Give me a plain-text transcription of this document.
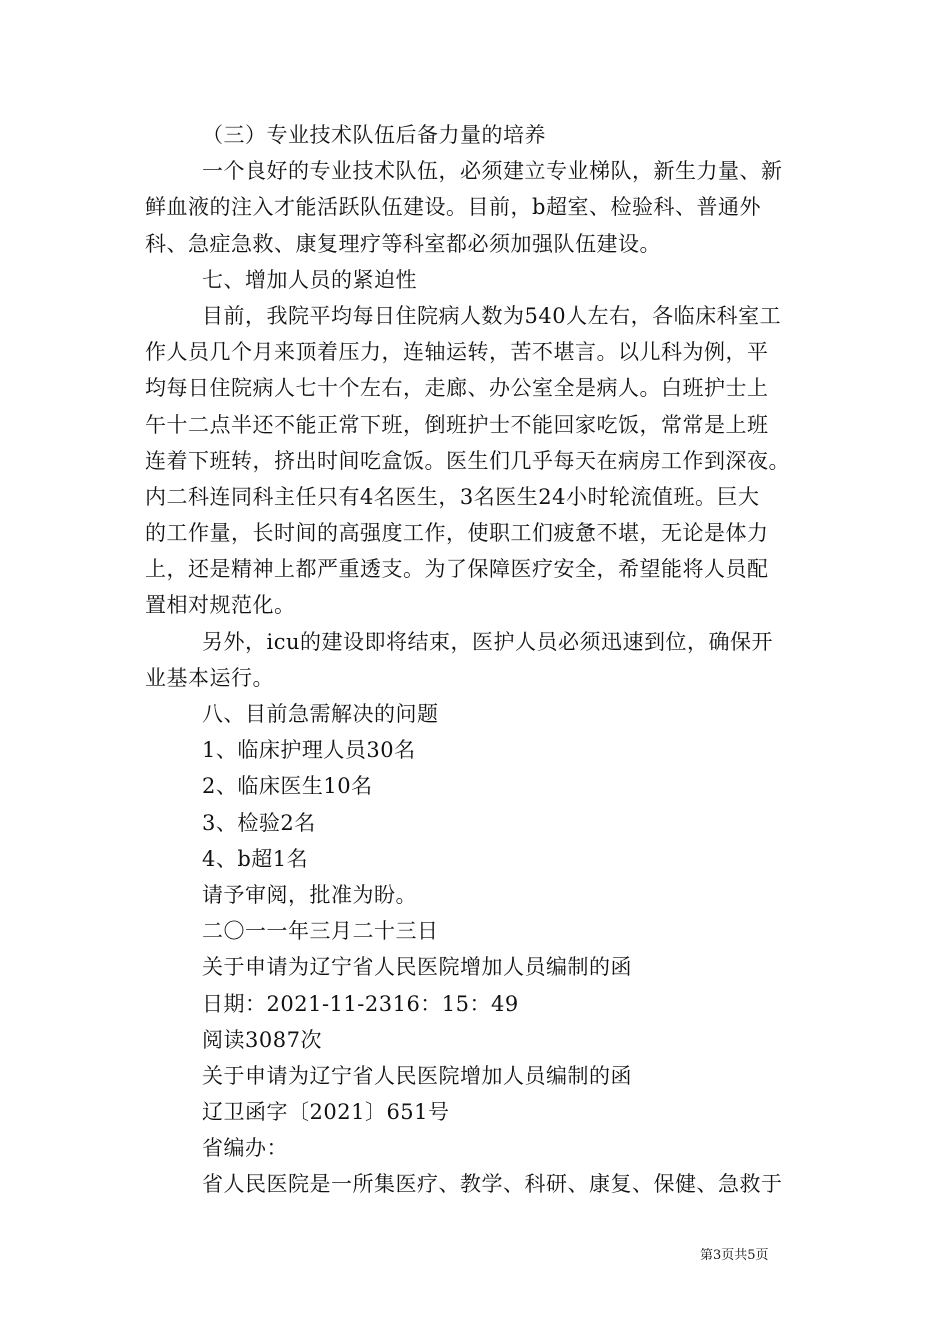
（三）专业技术队伍后备力量的培养
一个良好的专业技术队伍，必须建立专业梯队，新生力量、新
鲜血液的注入才能活跃队伍建设。目前，b超室、检验科、普通外
科、急症急救、康复理疗等科室都必须加强队伍建设。
七、增加人员的紧迫性
目前，我院平均每日住院病人数为540人左右，各临床科室工
作人员几个月来顶着压力，连轴运转，苦不堪言。以儿科为例，平
均每日住院病人七十个左右，走廊、办公室全是病人。白班护士上
午十二点半还不能正常下班，倒班护士不能回家吃饭，常常是上班
连着下班转，挤出时间吃盒饭。医生们几乎每天在病房工作到深夜。
内二科连同科主任只有4名医生，3名医生24小时轮流值班。巨大
的工作量，长时间的高强度工作，使职工们疲惫不堪，无论是体力
上，还是精神上都严重透支。为了保障医疗安全，希望能将人员配
置相对规范化。
另外，icu的建设即将结束，医护人员必须迅速到位，确保开
业基本运行。
八、目前急需解决的问题
1、临床护理人员30名
2、临床医生10名
3、检验2名
4、b超1名
请予审阅，批准为盼。
二〇一一年三月二十三日
关于申请为辽宁省人民医院增加人员编制的函
日期：2021-11-2316：15：49
阅读3087次
关于申请为辽宁省人民医院增加人员编制的函
辽卫函字〔2021〕651号
省编办：
省人民医院是一所集医疗、教学、科研、康复、保健、急救于
第3页共5页
